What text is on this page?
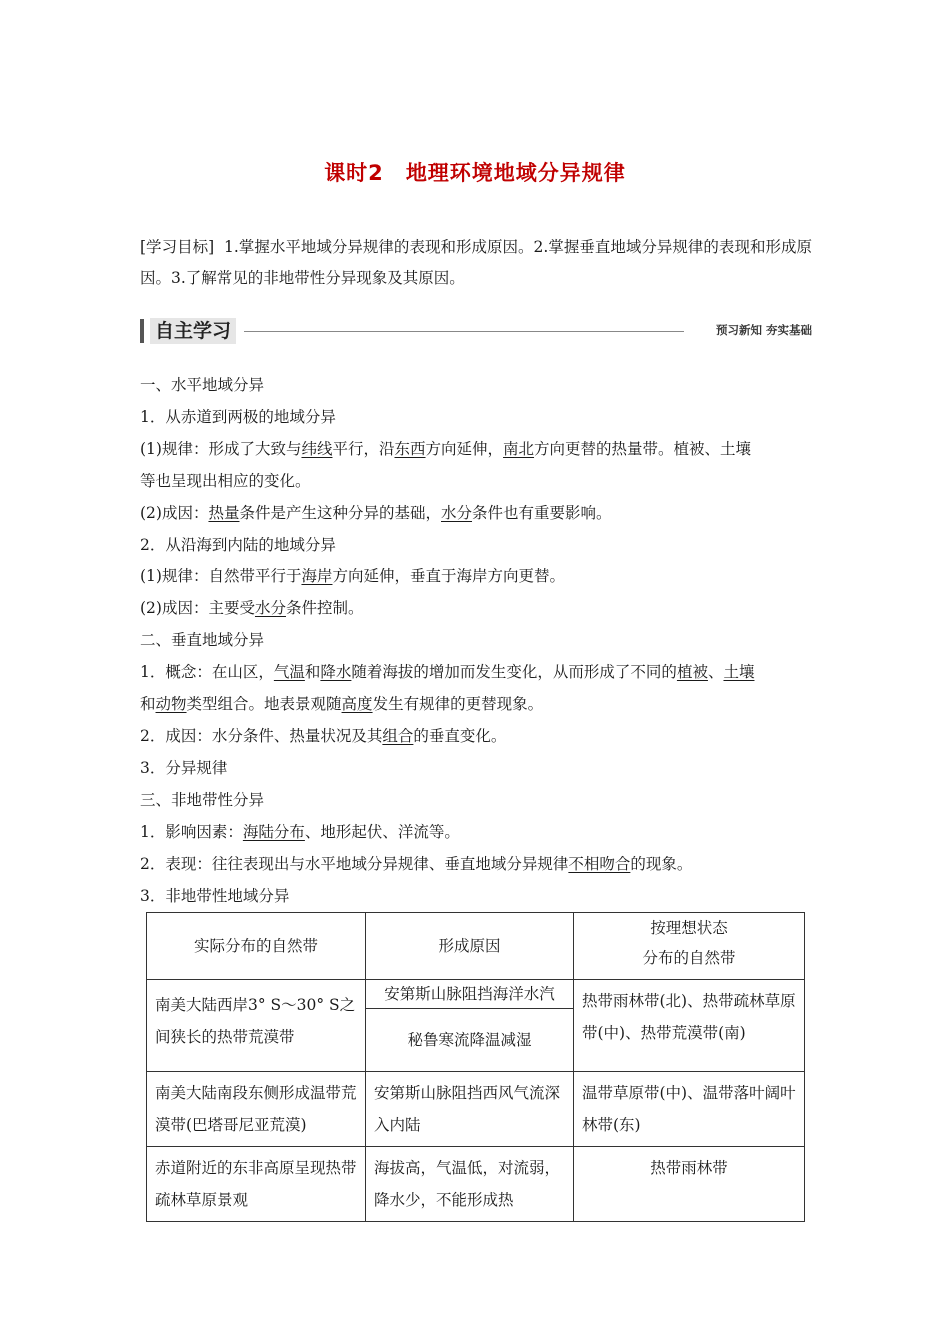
课时2 地理环境地域分异规律
[学习目标] 1.掌握水平地域分异规律的表现和形成原因。2.掌握垂直地域分异规律的表现和形成原因。3.了解常见的非地带性分异现象及其原因。
自主学习	预习新知 夯实基础
一、水平地域分异
1．从赤道到两极的地域分异
(1)规律：形成了大致与纬线平行，沿东西方向延伸，南北方向更替的热量带。植被、土壤
等也呈现出相应的变化。
(2)成因：热量条件是产生这种分异的基础，水分条件也有重要影响。
2．从沿海到内陆的地域分异
(1)规律：自然带平行于海岸方向延伸，垂直于海岸方向更替。
(2)成因：主要受水分条件控制。
二、垂直地域分异
1．概念：在山区，气温和降水随着海拔的增加而发生变化，从而形成了不同的植被、土壤
和动物类型组合。地表景观随高度发生有规律的更替现象。
2．成因：水分条件、热量状况及其组合的垂直变化。
3．分异规律
三、非地带性分异
1．影响因素：海陆分布、地形起伏、洋流等。
2．表现：往往表现出与水平地域分异规律、垂直地域分异规律不相吻合的现象。
3．非地带性地域分异
实际分布的自然带	形成原因	按理想状态
分布的自然带
南美大陆西岸3° S～30° S之间狭长的热带荒漠带	安第斯山脉阻挡海洋水汽	热带雨林带(北)、热带疏林草原带(中)、热带荒漠带(南)
	秘鲁寒流降温减湿	
南美大陆南段东侧形成温带荒漠带(巴塔哥尼亚荒漠)	安第斯山脉阻挡西风气流深入内陆	温带草原带(中)、温带落叶阔叶林带(东)
赤道附近的东非高原呈现热带疏林草原景观	海拔高，气温低，对流弱，降水少，不能形成热	热带雨林带
